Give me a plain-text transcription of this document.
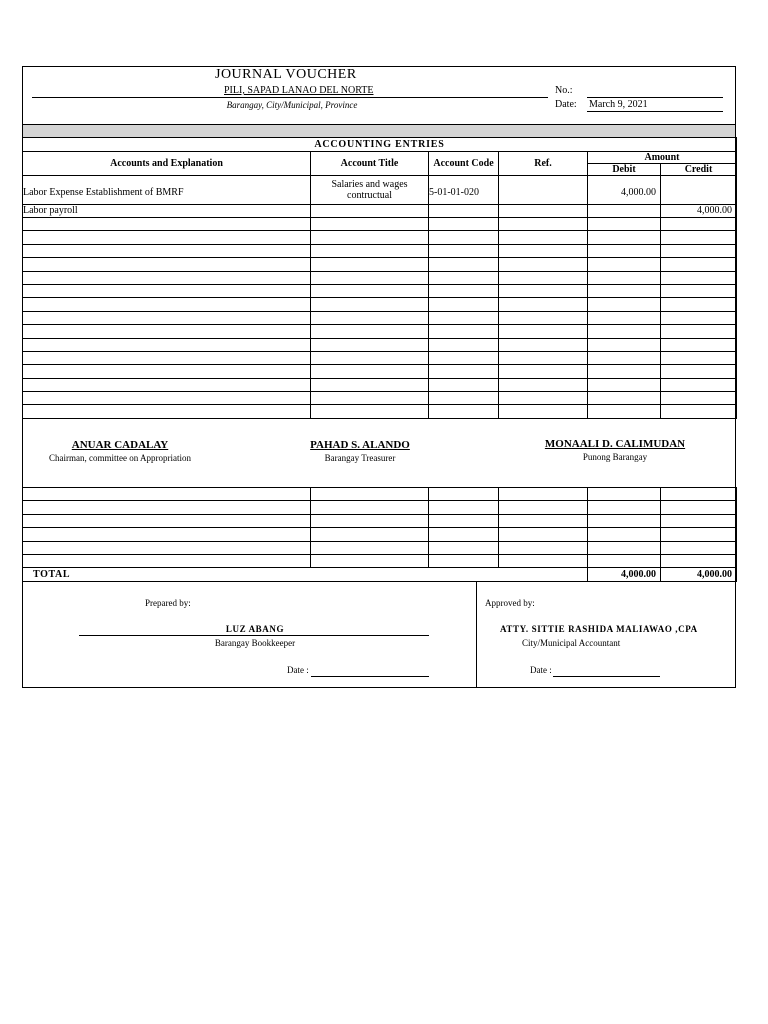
JOURNAL VOUCHER
PILI, SAPAD LANAO DEL NORTE
Barangay, City/Municipal, Province
No.:
Date: March 9, 2021
ACCOUNTING ENTRIES					
Accounts and Explanation	Account Title	Account Code	Ref.	Amount	
				Debit	Credit
Labor Expense Establishment of BMRF	Salaries and wages contructual	5-01-01-020		4,000.00	
Labor payroll					4,000.00

ANUAR CADALAY
Chairman, committee on Appropriation
PAHAD S. ALANDO
Barangay Treasurer
MONAALI D. CALIMUDAN
Punong Barangay

TOTAL				4,000.00	4,000.00
Prepared by:
LUZ ABANG
Barangay Bookkeeper
Date :
Approved by:
ATTY. SITTIE RASHIDA MALIAWAO ,CPA
City/Municipal Accountant
Date :
